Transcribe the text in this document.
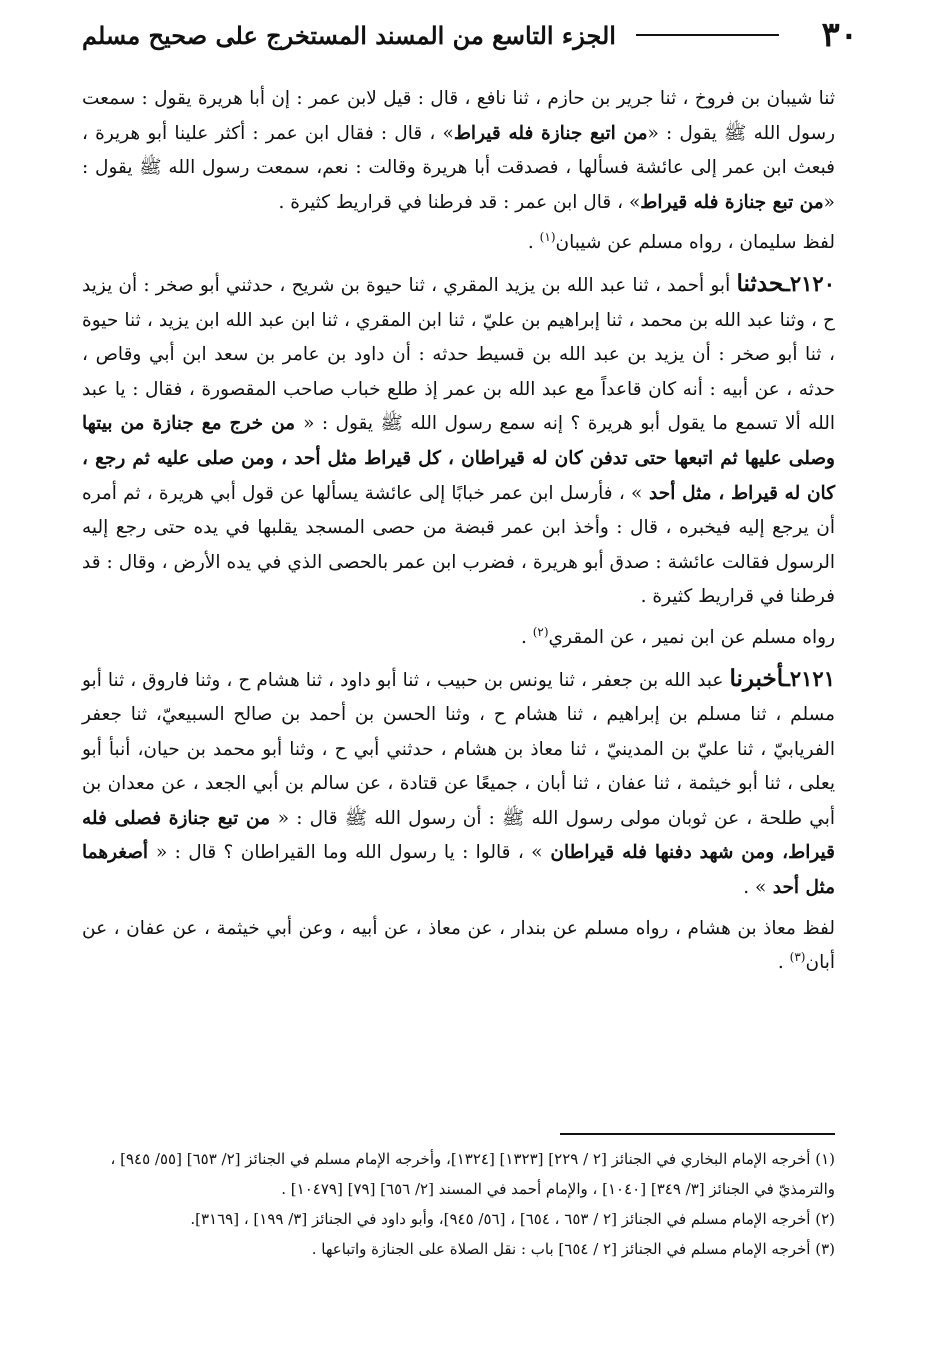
٣٠
الجزء التاسع من المسند المستخرج على صحيح مسلم

ثنا شيبان بن فروخ ، ثنا جرير بن حازم ، ثنا نافع ، قال : قيل لابن عمر : إن أبا هريرة يقول : سمعت رسول الله ﷺ يقول : «من اتبع جنازة فله قيراط» ، قال : فقال ابن عمر : أكثر علينا أبو هريرة ، فبعث ابن عمر إلى عائشة فسألها ، فصدقت أبا هريرة وقالت : نعم، سمعت رسول الله ﷺ يقول : «من تبع جنازة فله قيراط» ، قال ابن عمر : قد فرطنا في قراريط كثيرة .

لفظ سليمان ، رواه مسلم عن شيبان$^{(١)}$ .

٢١٢٠ـحدثنا أبو أحمد ، ثنا عبد الله بن يزيد المقري ، ثنا حيوة بن شريح ، حدثني أبو صخر : أن يزيد ح ، وثنا عبد الله بن محمد ، ثنا إبراهيم بن عليّ ، ثنا ابن المقري ، ثنا ابن عبد الله ابن يزيد ، ثنا حيوة ، ثنا أبو صخر : أن يزيد بن عبد الله بن قسيط حدثه : أن داود بن عامر بن سعد ابن أبي وقاص ، حدثه ، عن أبيه : أنه كان قاعداً مع عبد الله بن عمر إذ طلع خباب صاحب المقصورة ، فقال : يا عبد الله ألا تسمع ما يقول أبو هريرة ؟ إنه سمع رسول الله ﷺ يقول : « من خرج مع جنازة من بيتها وصلى عليها ثم اتبعها حتى تدفن كان له قيراطان ، كل قيراط مثل أحد ، ومن صلى عليه ثم رجع ، كان له قيراط ، مثل أحد » ، فأرسل ابن عمر خبابًا إلى عائشة يسألها عن قول أبي هريرة ، ثم أمره أن يرجع إليه فيخبره ، قال : وأخذ ابن عمر قبضة من حصى المسجد يقلبها في يده حتى رجع إليه الرسول فقالت عائشة : صدق أبو هريرة ، فضرب ابن عمر بالحصى الذي في يده الأرض ، وقال : قد فرطنا في قراريط كثيرة .

رواه مسلم عن ابن نمير ، عن المقري$^{(٢)}$ .

٢١٢١ـأخبرنا عبد الله بن جعفر ، ثنا يونس بن حبيب ، ثنا أبو داود ، ثنا هشام ح ، وثنا فاروق ، ثنا أبو مسلم ، ثنا مسلم بن إبراهيم ، ثنا هشام ح ، وثنا الحسن بن أحمد بن صالح السبيعيّ، ثنا جعفر الفريابيّ ، ثنا عليّ بن المدينيّ ، ثنا معاذ بن هشام ، حدثني أبي ح ، وثنا أبو محمد بن حيان، أنبأ أبو يعلى ، ثنا أبو خيثمة ، ثنا عفان ، ثنا أبان ، جميعًا عن قتادة ، عن سالم بن أبي الجعد ، عن معدان بن أبي طلحة ، عن ثوبان مولى رسول الله ﷺ : أن رسول الله ﷺ قال : « من تبع جنازة فصلى فله قيراط، ومن شهد دفنها فله قيراطان » ، قالوا : يا رسول الله وما القيراطان ؟ قال : « أصغرهما مثل أحد » .

لفظ معاذ بن هشام ، رواه مسلم عن بندار ، عن معاذ ، عن أبيه ، وعن أبي خيثمة ، عن عفان ، عن أبان$^{(٣)}$ .

(١) أخرجه الإمام البخاري في الجنائز [٢ / ٢٢٩] [١٣٢٣] [١٣٢٤]، وأخرجه الإمام مسلم في الجنائز [٢/ ٦٥٣] [٥٥/ ٩٤٥] ، والترمذيّ في الجنائز [٣/ ٣٤٩] [١٠٤٠] ، والإمام أحمد في المسند [٢/ ٦٥٦] [٧٩] [١٠٤٧٩] .
(٢) أخرجه الإمام مسلم في الجنائز [٢ / ٦٥٣ ، ٦٥٤] ، [٥٦/ ٩٤٥]، وأبو داود في الجنائز [٣/ ١٩٩] ، [٣١٦٩].
(٣) أخرجه الإمام مسلم في الجنائز [٢ / ٦٥٤] باب : نقل الصلاة على الجنازة واتباعها .
